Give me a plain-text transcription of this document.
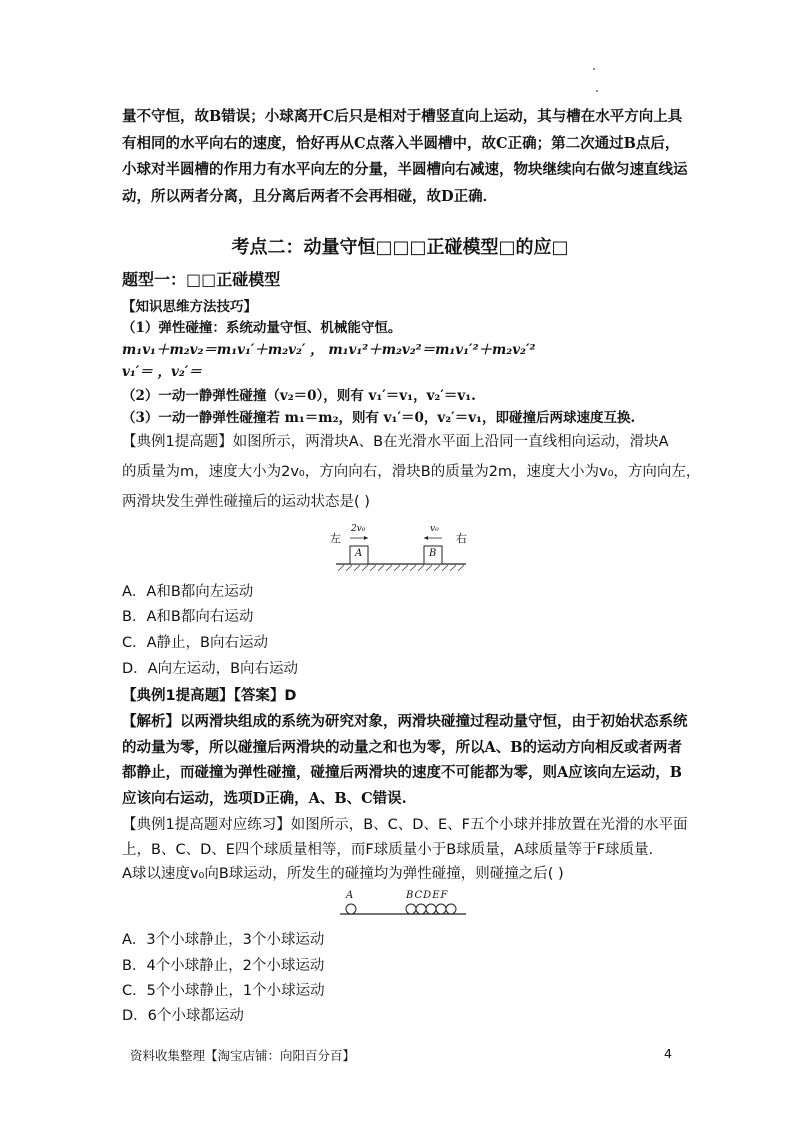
量不守恒，故B错误；小球离开C后只是相对于槽竖直向上运动，其与槽在水平方向上具
有相同的水平向右的速度，恰好再从C点落入半圆槽中，故C正确；第二次通过B点后，
小球对半圆槽的作用力有水平向左的分量，半圆槽向右减速，物块继续向右做匀速直线运
动，所以两者分离，且分离后两者不会再相碰，故D正确．
考点二：动量守恒□□□正碰模型□的应□
题型一：□□正碰模型
【知识思维方法技巧】
（1）弹性碰撞：系统动量守恒、机械能守恒。
m₁v₁＋m₂v₂＝m₁v₁′＋m₂v₂′ ， m₁v₁²＋m₂v₂²＝m₁v₁′²＋m₂v₂′²
v₁′＝ ，v₂′＝
（2）一动一静弹性碰撞（v₂＝0），则有 v₁′＝v₁，v₂′＝v₁.
（3）一动一静弹性碰撞若 m₁＝m₂，则有 v₁′＝0，v₂′＝v₁，即碰撞后两球速度互换.
【典例1提高题】如图所示，两滑块A、B在光滑水平面上沿同一直线相向运动，滑块A
的质量为m，速度大小为2v₀，方向向右，滑块B的质量为2m，速度大小为v₀，方向向左，
两滑块发生弹性碰撞后的运动状态是( )
左	右
2v₀	v₀
A	B
A．A和B都向左运动
B．A和B都向右运动
C．A静止，B向右运动
D．A向左运动，B向右运动
【典例1提高题】【答案】D
【解析】以两滑块组成的系统为研究对象，两滑块碰撞过程动量守恒，由于初始状态系统
的动量为零，所以碰撞后两滑块的动量之和也为零，所以A、B的运动方向相反或者两者
都静止，而碰撞为弹性碰撞，碰撞后两滑块的速度不可能都为零，则A应该向左运动，B
应该向右运动，选项D正确，A、B、C错误.
【典例1提高题对应练习】如图所示，B、C、D、E、F五个小球并排放置在光滑的水平面
上，B、C、D、E四个球质量相等，而F球质量小于B球质量，A球质量等于F球质量.
A球以速度v₀向B球运动，所发生的碰撞均为弹性碰撞，则碰撞之后( )
A	BCDEF
A．3个小球静止，3个小球运动
B．4个小球静止，2个小球运动
C．5个小球静止，1个小球运动
D．6个小球都运动
资料收集整理【淘宝店铺：向阳百分百】	4
